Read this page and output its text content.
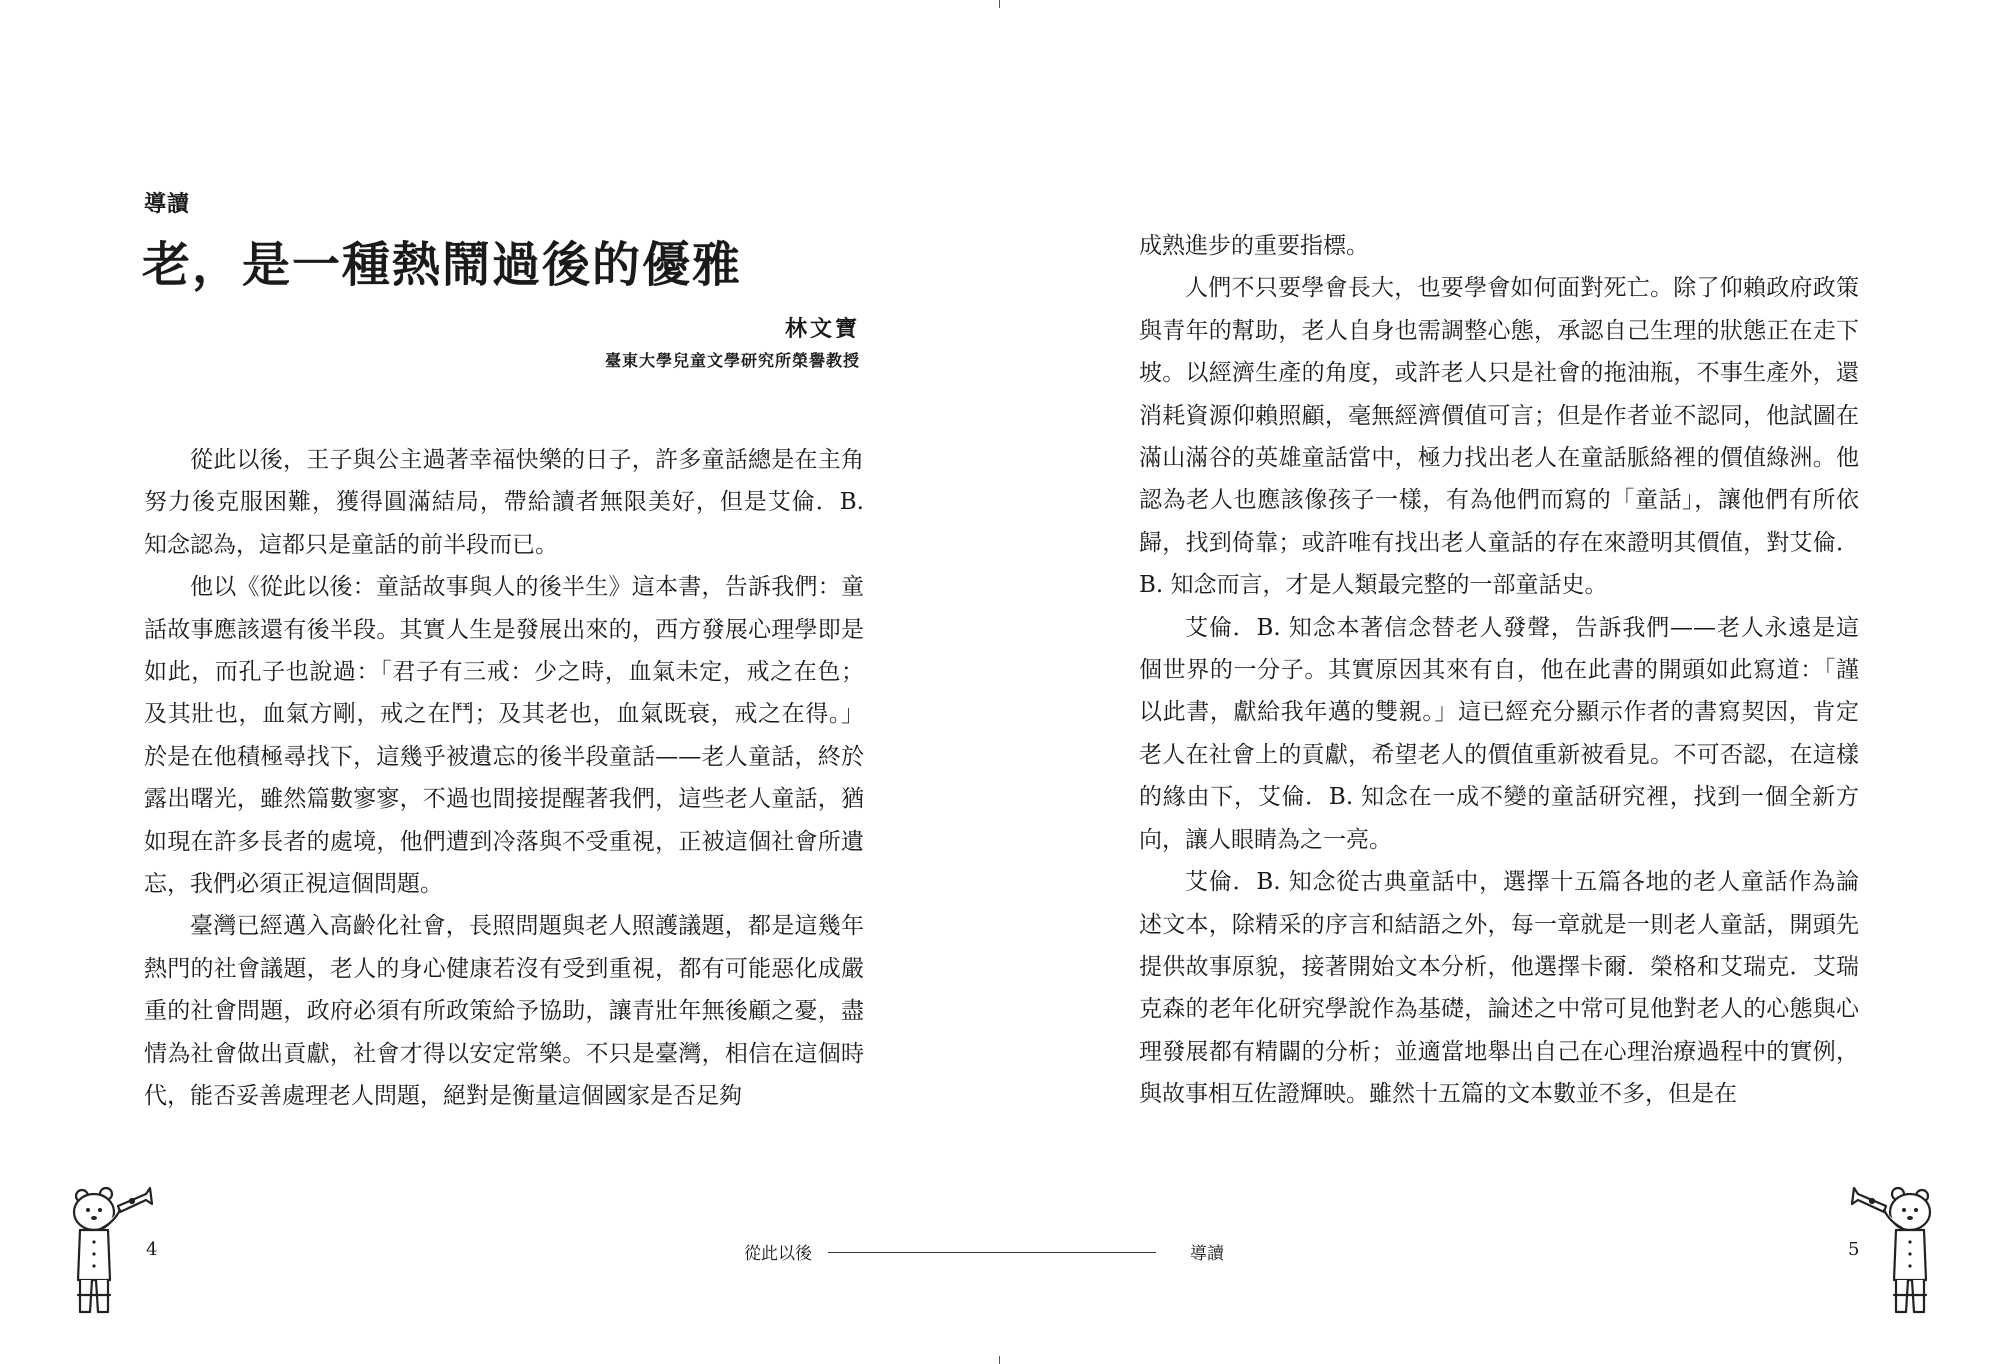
導讀
老，是一種熱鬧過後的優雅
林文寶
臺東大學兒童文學研究所榮譽教授

從此以後，王子與公主過著幸福快樂的日子，許多童話總是在主角努力後克服困難，獲得圓滿結局，帶給讀者無限美好，但是艾倫．B. 知念認為，這都只是童話的前半段而已。

他以《從此以後：童話故事與人的後半生》這本書，告訴我們：童話故事應該還有後半段。其實人生是發展出來的，西方發展心理學即是如此，而孔子也說過：「君子有三戒：少之時，血氣未定，戒之在色；及其壯也，血氣方剛，戒之在鬥；及其老也，血氣既衰，戒之在得。」於是在他積極尋找下，這幾乎被遺忘的後半段童話——老人童話，終於露出曙光，雖然篇數寥寥，不過也間接提醒著我們，這些老人童話，猶如現在許多長者的處境，他們遭到冷落與不受重視，正被這個社會所遺忘，我們必須正視這個問題。

臺灣已經邁入高齡化社會，長照問題與老人照護議題，都是這幾年熱門的社會議題，老人的身心健康若沒有受到重視，都有可能惡化成嚴重的社會問題，政府必須有所政策給予協助，讓青壯年無後顧之憂，盡情為社會做出貢獻，社會才得以安定常樂。不只是臺灣，相信在這個時代，能否妥善處理老人問題，絕對是衡量這個國家是否足夠

成熟進步的重要指標。

人們不只要學會長大，也要學會如何面對死亡。除了仰賴政府政策與青年的幫助，老人自身也需調整心態，承認自己生理的狀態正在走下坡。以經濟生產的角度，或許老人只是社會的拖油瓶，不事生產外，還消耗資源仰賴照顧，毫無經濟價值可言；但是作者並不認同，他試圖在滿山滿谷的英雄童話當中，極力找出老人在童話脈絡裡的價值綠洲。他認為老人也應該像孩子一樣，有為他們而寫的「童話」，讓他們有所依歸，找到倚靠；或許唯有找出老人童話的存在來證明其價值，對艾倫．B. 知念而言，才是人類最完整的一部童話史。

艾倫．B. 知念本著信念替老人發聲，告訴我們——老人永遠是這個世界的一分子。其實原因其來有自，他在此書的開頭如此寫道：「謹以此書，獻給我年邁的雙親。」這已經充分顯示作者的書寫契因，肯定老人在社會上的貢獻，希望老人的價值重新被看見。不可否認，在這樣的緣由下，艾倫．B. 知念在一成不變的童話研究裡，找到一個全新方向，讓人眼睛為之一亮。

艾倫．B. 知念從古典童話中，選擇十五篇各地的老人童話作為論述文本，除精采的序言和結語之外，每一章就是一則老人童話，開頭先提供故事原貌，接著開始文本分析，他選擇卡爾．榮格和艾瑞克．艾瑞克森的老年化研究學說作為基礎，論述之中常可見他對老人的心態與心理發展都有精闢的分析；並適當地舉出自己在心理治療過程中的實例，與故事相互佐證輝映。雖然十五篇的文本數並不多，但是在

4	從此以後	導讀	5
